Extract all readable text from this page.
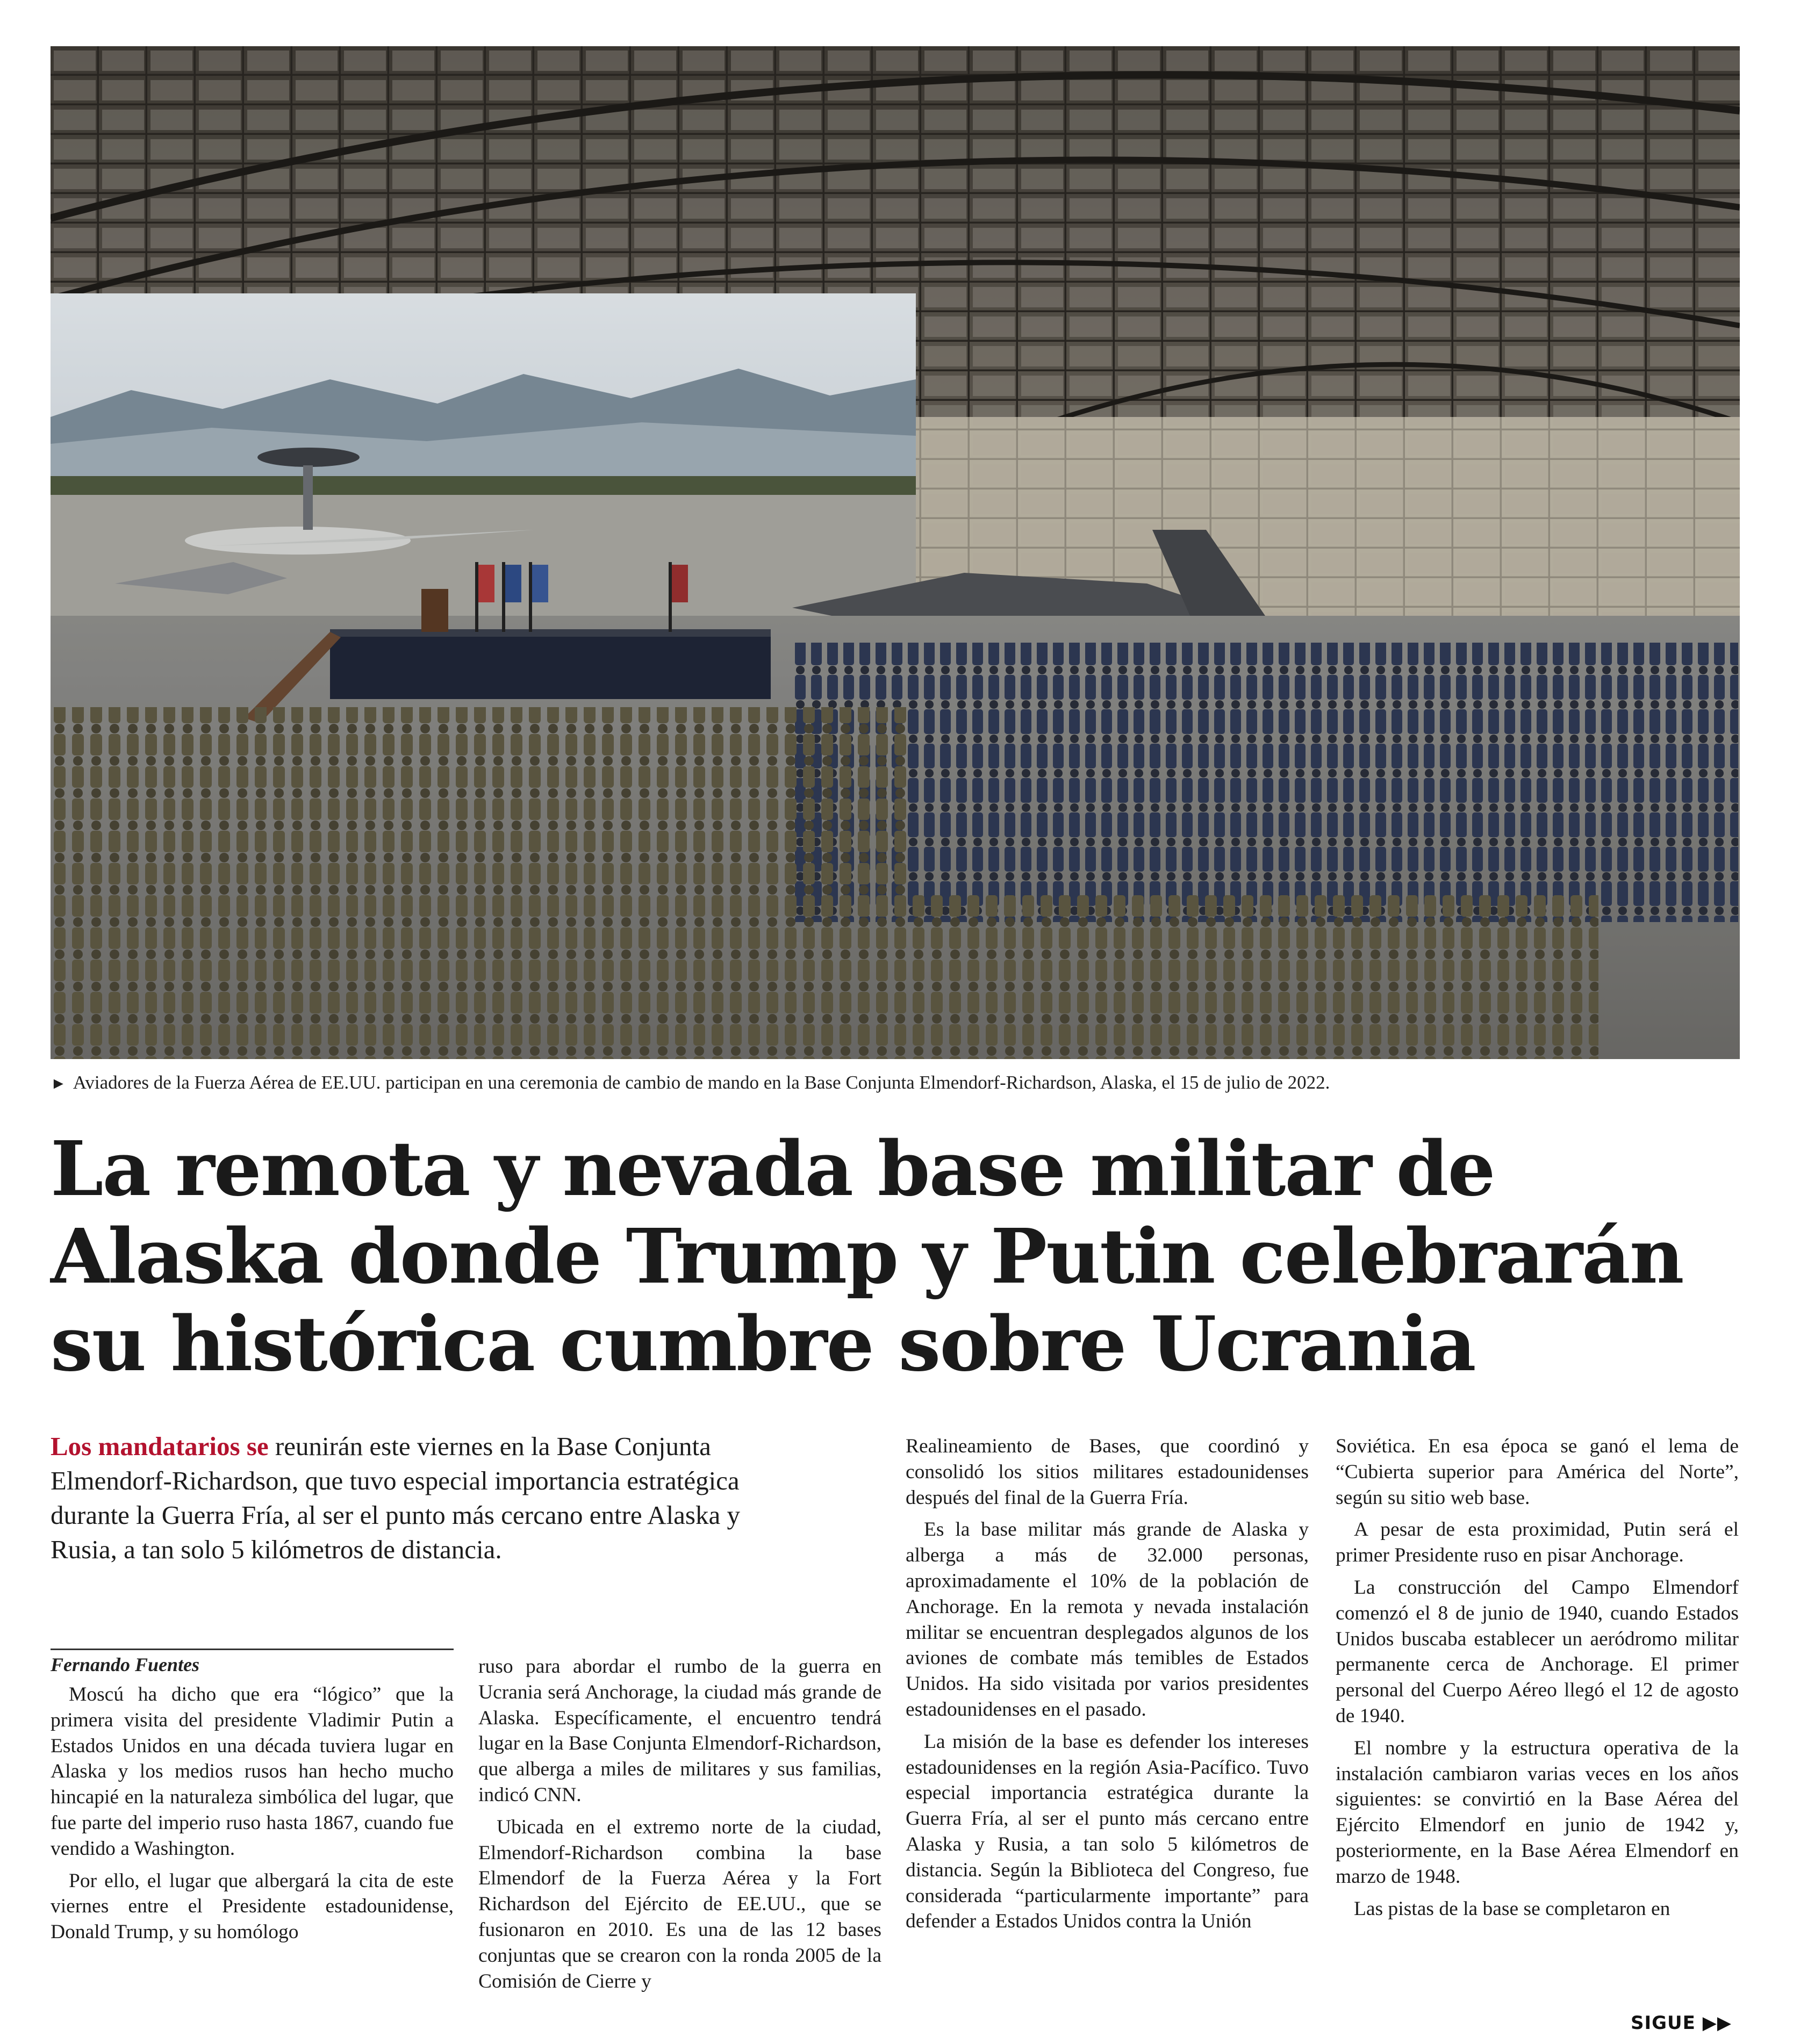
► Aviadores de la Fuerza Aérea de EE.UU. participan en una ceremonia de cambio de mando en la Base Conjunta Elmendorf-Richardson, Alaska, el 15 de julio de 2022.
La remota y nevada base militar de
Alaska donde Trump y Putin celebrarán
su histórica cumbre sobre Ucrania
Los mandatarios se reunirán este viernes en la Base Conjunta Elmendorf-Richardson, que tuvo especial importancia estratégica durante la Guerra Fría, al ser el punto más cercano entre Alaska y Rusia, a tan solo 5 kilómetros de distancia.
Fernando Fuentes

Moscú ha dicho que era “lógico” que la primera visita del presidente Vladimir Putin a Estados Unidos en una década tuviera lugar en Alaska y los medios rusos han hecho mucho hincapié en la naturaleza simbólica del lugar, que fue parte del imperio ruso hasta 1867, cuando fue vendido a Washington.

Por ello, el lugar que albergará la cita de este viernes entre el Presidente estadounidense, Donald Trump, y su homólogo

ruso para abordar el rumbo de la guerra en Ucrania será Anchorage, la ciudad más grande de Alaska. Específicamente, el encuentro tendrá lugar en la Base Conjunta Elmendorf-Richardson, que alberga a miles de militares y sus familias, indicó CNN.

Ubicada en el extremo norte de la ciudad, Elmendorf-Richardson combina la base Elmendorf de la Fuerza Aérea y la Fort Richardson del Ejército de EE.UU., que se fusionaron en 2010. Es una de las 12 bases conjuntas que se crearon con la ronda 2005 de la Comisión de Cierre y

Realineamiento de Bases, que coordinó y consolidó los sitios militares estadounidenses después del final de la Guerra Fría.

Es la base militar más grande de Alaska y alberga a más de 32.000 personas, aproximadamente el 10% de la población de Anchorage. En la remota y nevada instalación militar se encuentran desplegados algunos de los aviones de combate más temibles de Estados Unidos. Ha sido visitada por varios presidentes estadounidenses en el pasado.

La misión de la base es defender los intereses estadounidenses en la región Asia-Pacífico. Tuvo especial importancia estratégica durante la Guerra Fría, al ser el punto más cercano entre Alaska y Rusia, a tan solo 5 kilómetros de distancia. Según la Biblioteca del Congreso, fue considerada “particularmente importante” para defender a Estados Unidos contra la Unión

Soviética. En esa época se ganó el lema de “Cubierta superior para América del Norte”, según su sitio web base.

A pesar de esta proximidad, Putin será el primer Presidente ruso en pisar Anchorage.

La construcción del Campo Elmendorf comenzó el 8 de junio de 1940, cuando Estados Unidos buscaba establecer un aeródromo militar permanente cerca de Anchorage. El primer personal del Cuerpo Aéreo llegó el 12 de agosto de 1940.

El nombre y la estructura operativa de la instalación cambiaron varias veces en los años siguientes: se convirtió en la Base Aérea del Ejército Elmendorf en junio de 1942 y, posteriormente, en la Base Aérea Elmendorf en marzo de 1948.

Las pistas de la base se completaron en

SIGUE ▶▶
